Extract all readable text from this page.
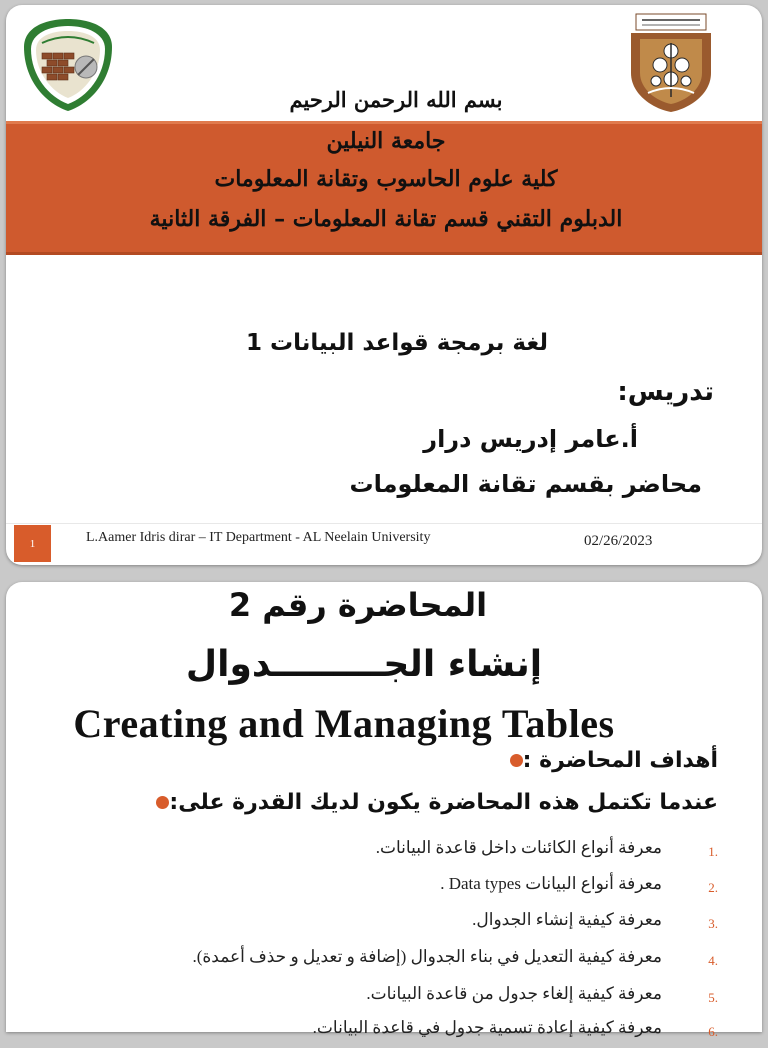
بسم الله الرحمن الرحيم
جامعة النيلين
كلية علوم الحاسوب وتقانة المعلومات
الدبلوم التقني قسم تقانة المعلومات – الفرقة الثانية
لغة برمجة قواعد البيانات 1
تدريس:
أ.عامر إدريس درار
محاضر بقسم تقانة المعلومات
1	L.Aamer Idris dirar – IT Department - AL Neelain University	02/26/2023
المحاضرة رقم 2
إنشاء الجـــــــــدوال
Creating and Managing Tables
أهداف المحاضرة :
عندما تكتمل هذه المحاضرة يكون لديك القدرة على:
1.
معرفة أنواع الكائنات داخل قاعدة البيانات.
2.
معرفة أنواع البيانات Data types .
3.
معرفة كيفية إنشاء الجدوال.
4.
معرفة كيفية التعديل في بناء الجدوال (إضافة و تعديل و حذف أعمدة).
5.
معرفة كيفية إلغاء جدول من قاعدة البيانات.
6.
معرفة كيفية إعادة تسمية جدول في قاعدة البيانات.
